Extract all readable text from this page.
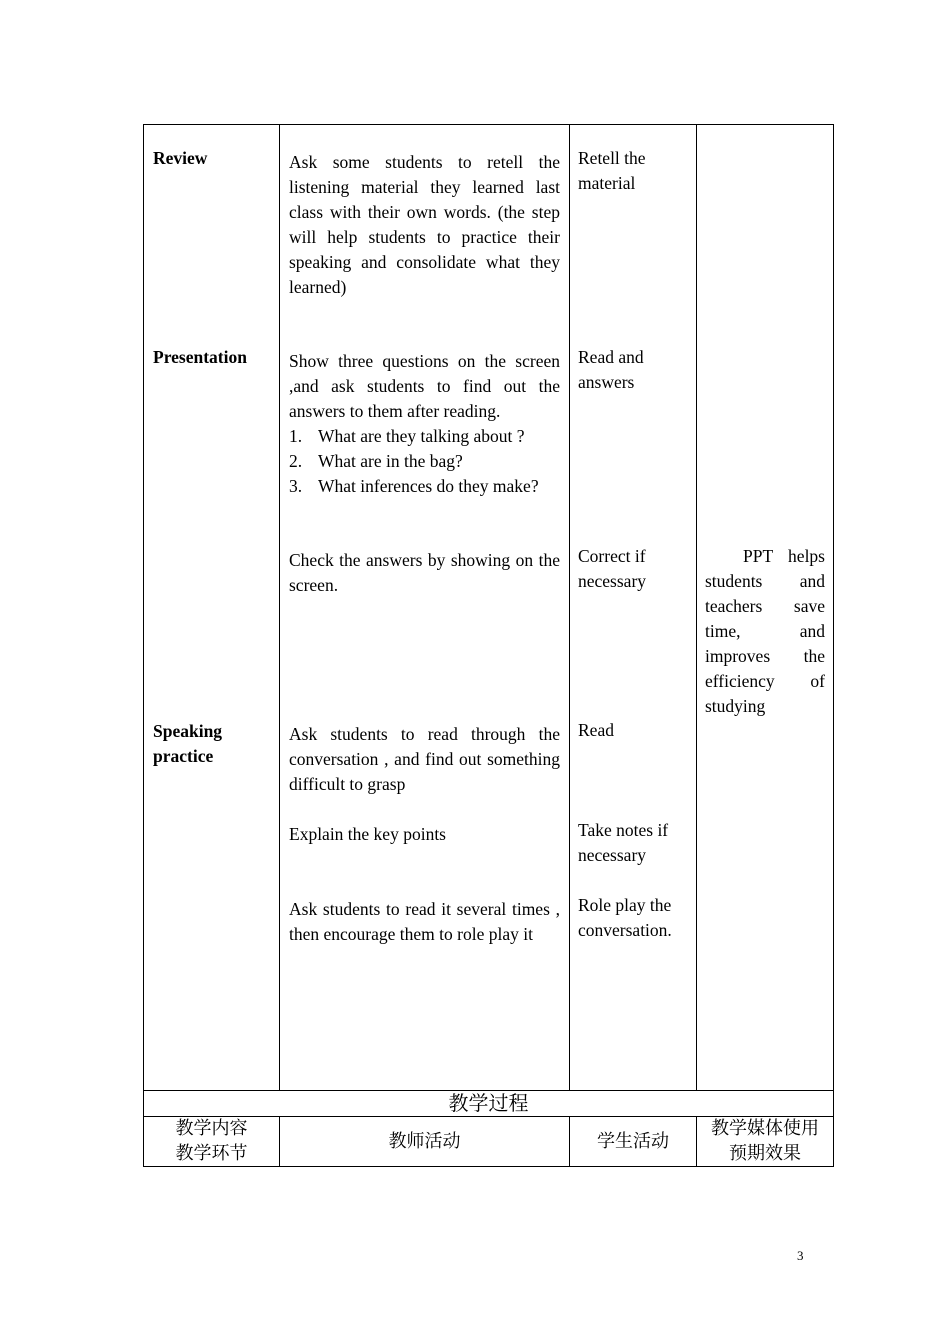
Review
Presentation
Speaking
practice
Ask some students to retell the listening material they learned last class with their own words. (the step will help students to practice their speaking and consolidate what they learned)
Show three questions on the screen ,and ask students to find out the answers to them after reading.
1. What are they talking about ?
2. What are in the bag?
3. What inferences do they make?
Check the answers by showing on the screen.
Ask students to read through the conversation , and find out something difficult to grasp
Explain the key points
Ask students to read it several times , then encourage them to role play it
Retell the material
Read and answers
Correct if necessary
Read
Take notes if necessary
Role play the conversation.
PPT helps students and teachers save time, and improves the efficiency of studying
教学过程
教学内容
教学环节
教师活动	学生活动
教学媒体使用
预期效果
3
